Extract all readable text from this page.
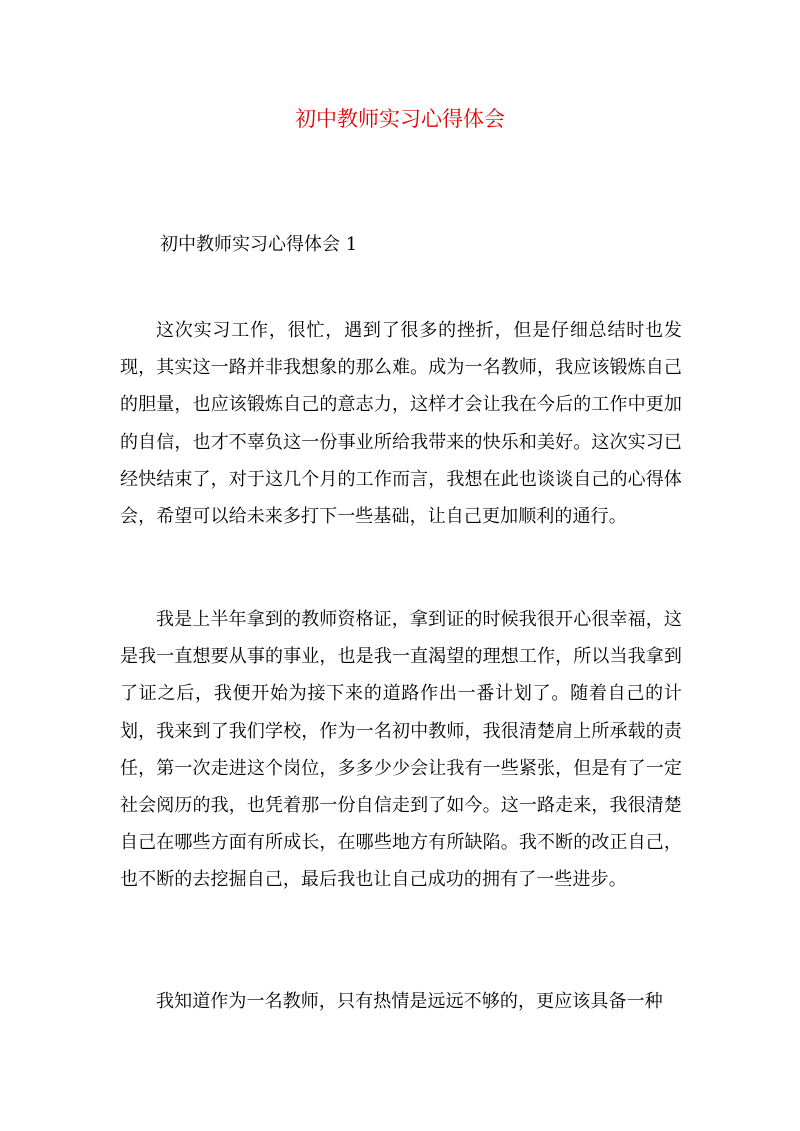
初中教师实习心得体会
初中教师实习心得体会 1

这次实习工作，很忙，遇到了很多的挫折，但是仔细总结时也发现，其实这一路并非我想象的那么难。成为一名教师，我应该锻炼自己的胆量，也应该锻炼自己的意志力，这样才会让我在今后的工作中更加的自信，也才不辜负这一份事业所给我带来的快乐和美好。这次实习已经快结束了，对于这几个月的工作而言，我想在此也谈谈自己的心得体会，希望可以给未来多打下一些基础，让自己更加顺利的通行。

我是上半年拿到的教师资格证，拿到证的时候我很开心很幸福，这是我一直想要从事的事业，也是我一直渴望的理想工作，所以当我拿到了证之后，我便开始为接下来的道路作出一番计划了。随着自己的计划，我来到了我们学校，作为一名初中教师，我很清楚肩上所承载的责任，第一次走进这个岗位，多多少少会让我有一些紧张，但是有了一定社会阅历的我，也凭着那一份自信走到了如今。这一路走来，我很清楚自己在哪些方面有所成长，在哪些地方有所缺陷。我不断的改正自己，也不断的去挖掘自己，最后我也让自己成功的拥有了一些进步。

我知道作为一名教师，只有热情是远远不够的，更应该具备一种
